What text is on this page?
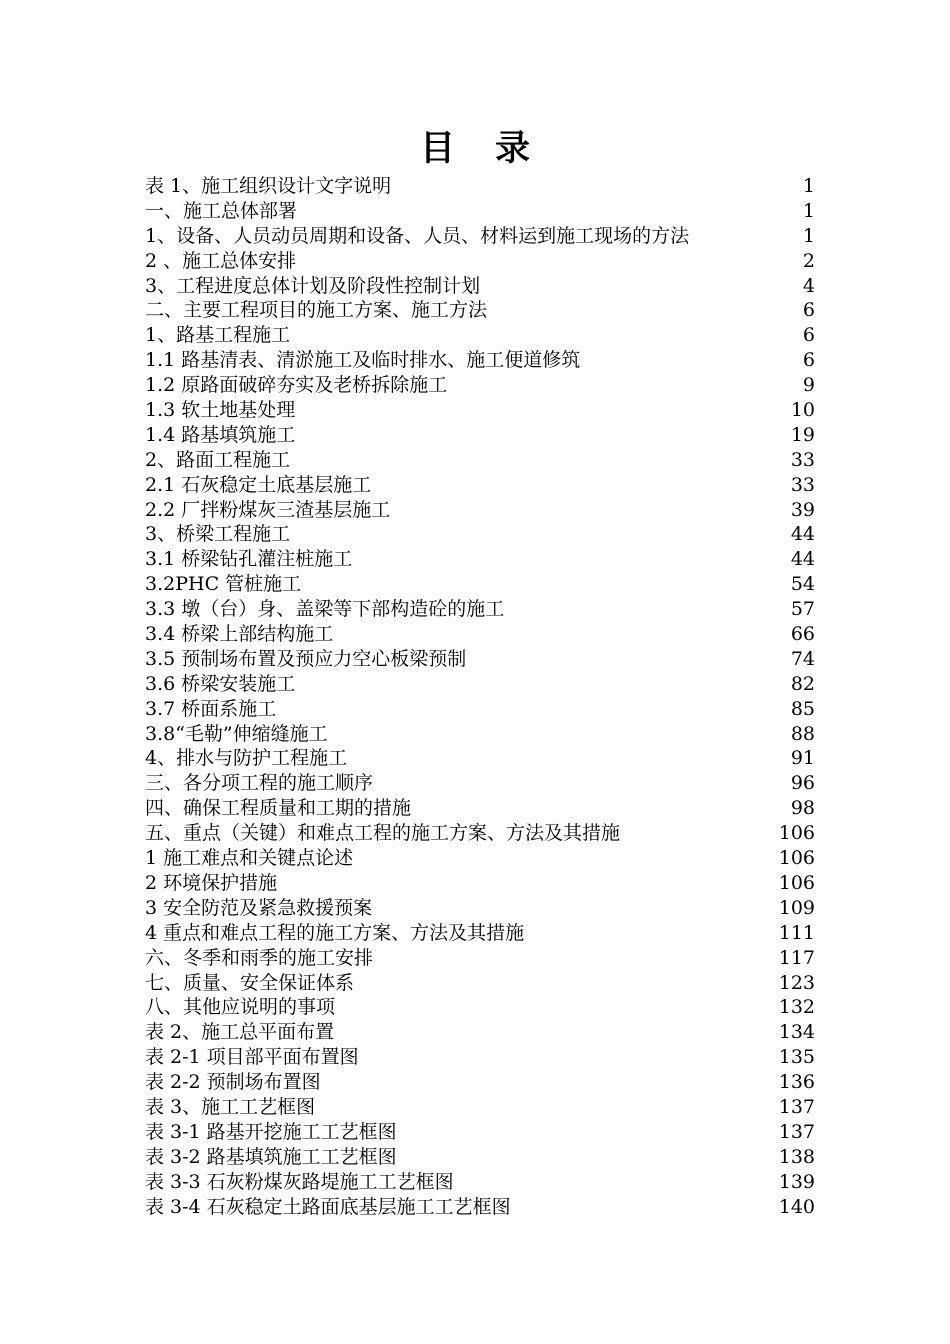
目录
表 1、施工组织设计文字说明	1
一、施工总体部署	1
1、设备、人员动员周期和设备、人员、材料运到施工现场的方法	1
2 、施工总体安排	2
3、工程进度总体计划及阶段性控制计划	4
二、主要工程项目的施工方案、施工方法	6
1、路基工程施工	6
1.1 路基清表、清淤施工及临时排水、施工便道修筑	6
1.2 原路面破碎夯实及老桥拆除施工	9
1.3 软土地基处理	10
1.4 路基填筑施工	19
2、路面工程施工	33
2.1 石灰稳定土底基层施工	33
2.2 厂拌粉煤灰三渣基层施工	39
3、桥梁工程施工	44
3.1 桥梁钻孔灌注桩施工	44
3.2PHC 管桩施工	54
3.3 墩（台）身、盖梁等下部构造砼的施工	57
3.4 桥梁上部结构施工	66
3.5 预制场布置及预应力空心板梁预制	74
3.6 桥梁安装施工	82
3.7 桥面系施工	85
3.8“毛勒”伸缩缝施工	88
4、排水与防护工程施工	91
三、各分项工程的施工顺序	96
四、确保工程质量和工期的措施	98
五、重点（关键）和难点工程的施工方案、方法及其措施	106
1 施工难点和关键点论述	106
2 环境保护措施	106
3 安全防范及紧急救援预案	109
4 重点和难点工程的施工方案、方法及其措施	111
六、冬季和雨季的施工安排	117
七、质量、安全保证体系	123
八、其他应说明的事项	132
表 2、施工总平面布置	134
表 2-1 项目部平面布置图	135
表 2-2 预制场布置图	136
表 3、施工工艺框图	137
表 3-1 路基开挖施工工艺框图	137
表 3-2 路基填筑施工工艺框图	138
表 3-3 石灰粉煤灰路堤施工工艺框图	139
表 3-4 石灰稳定土路面底基层施工工艺框图	140
